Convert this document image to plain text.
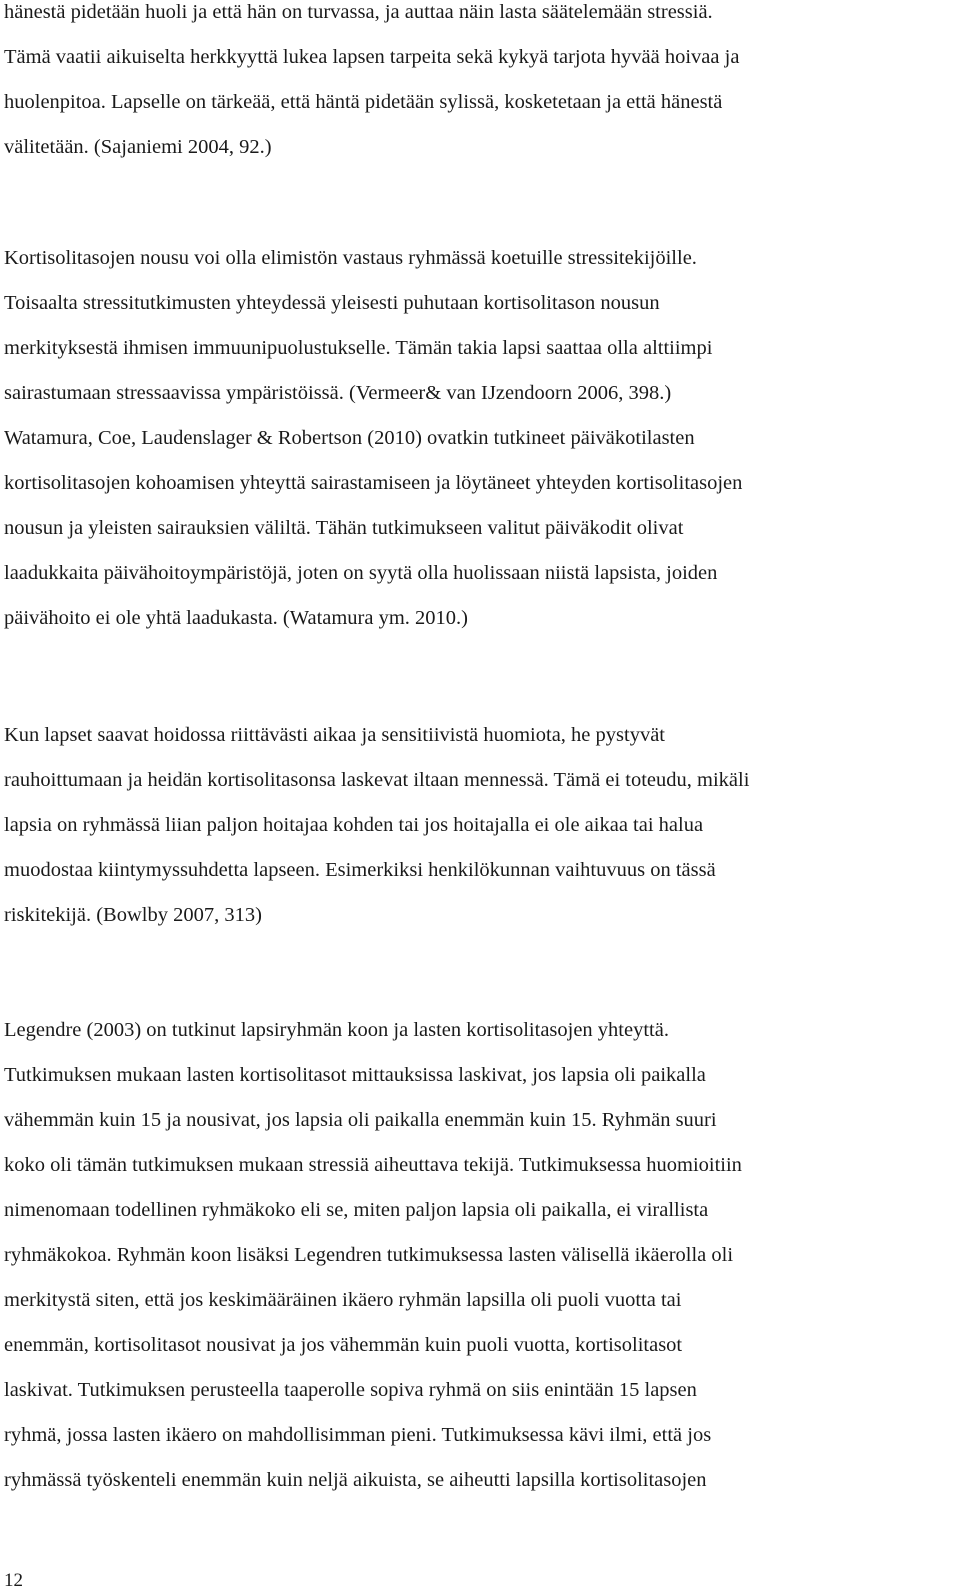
hänestä pidetään huoli ja että hän on turvassa, ja auttaa näin lasta säätelemään stressiä.
Tämä vaatii aikuiselta herkkyyttä lukea lapsen tarpeita sekä kykyä tarjota hyvää hoivaa ja
huolenpitoa. Lapselle on tärkeää, että häntä pidetään sylissä, kosketetaan ja että hänestä
välitetään. (Sajaniemi 2004, 92.)
Kortisolitasojen nousu voi olla elimistön vastaus ryhmässä koetuille stressitekijöille.
Toisaalta stressitutkimusten yhteydessä yleisesti puhutaan kortisolitason nousun
merkityksestä ihmisen immuunipuolustukselle. Tämän takia lapsi saattaa olla alttiimpi
sairastumaan stressaavissa ympäristöissä. (Vermeer& van IJzendoorn 2006, 398.)
Watamura, Coe, Laudenslager & Robertson (2010) ovatkin tutkineet päiväkotilasten
kortisolitasojen kohoamisen yhteyttä sairastamiseen ja löytäneet yhteyden kortisolitasojen
nousun ja yleisten sairauksien väliltä. Tähän tutkimukseen valitut päiväkodit olivat
laadukkaita päivähoitoympäristöjä, joten on syytä olla huolissaan niistä lapsista, joiden
päivähoito ei ole yhtä laadukasta. (Watamura ym. 2010.)
Kun lapset saavat hoidossa riittävästi aikaa ja sensitiivistä huomiota, he pystyvät
rauhoittumaan ja heidän kortisolitasonsa laskevat iltaan mennessä. Tämä ei toteudu, mikäli
lapsia on ryhmässä liian paljon hoitajaa kohden tai jos hoitajalla ei ole aikaa tai halua
muodostaa kiintymyssuhdetta lapseen. Esimerkiksi henkilökunnan vaihtuvuus on tässä
riskitekijä. (Bowlby 2007, 313)
Legendre (2003) on tutkinut lapsiryhmän koon ja lasten kortisolitasojen yhteyttä.
Tutkimuksen mukaan lasten kortisolitasot mittauksissa laskivat, jos lapsia oli paikalla
vähemmän kuin 15 ja nousivat, jos lapsia oli paikalla enemmän kuin 15. Ryhmän suuri
koko oli tämän tutkimuksen mukaan stressiä aiheuttava tekijä. Tutkimuksessa huomioitiin
nimenomaan todellinen ryhmäkoko eli se, miten paljon lapsia oli paikalla, ei virallista
ryhmäkokoa. Ryhmän koon lisäksi Legendren tutkimuksessa lasten välisellä ikäerolla oli
merkitystä siten, että jos keskimääräinen ikäero ryhmän lapsilla oli puoli vuotta tai
enemmän, kortisolitasot nousivat ja jos vähemmän kuin puoli vuotta, kortisolitasot
laskivat. Tutkimuksen perusteella taaperolle sopiva ryhmä on siis enintään 15 lapsen
ryhmä, jossa lasten ikäero on mahdollisimman pieni. Tutkimuksessa kävi ilmi, että jos
ryhmässä työskenteli enemmän kuin neljä aikuista, se aiheutti lapsilla kortisolitasojen
12
